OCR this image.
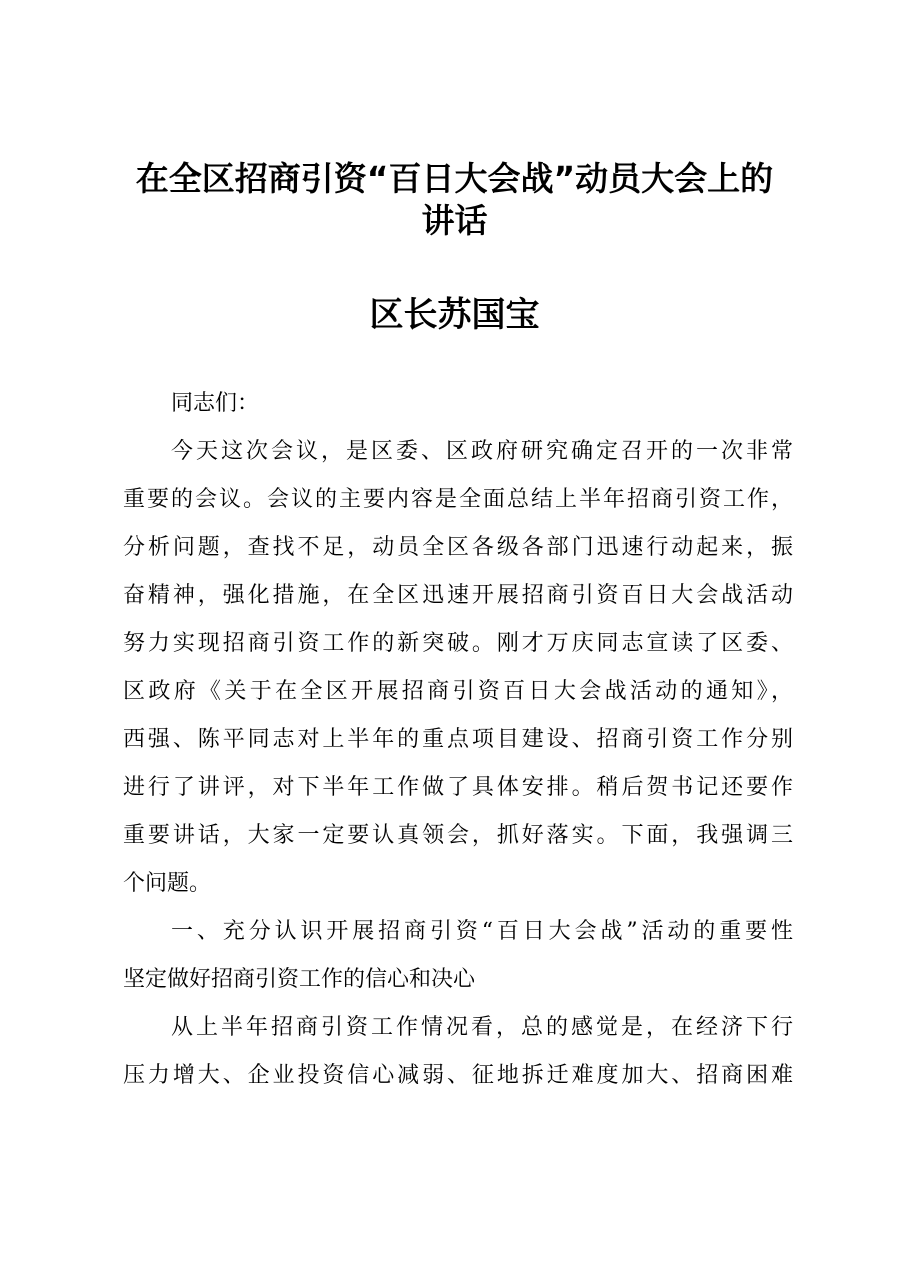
在全区招商引资“百日大会战”动员大会上的
讲话
区长苏国宝
同志们：
今天这次会议，是区委、区政府研究确定召开的一次非常
重要的会议。会议的主要内容是全面总结上半年招商引资工作，
分析问题，查找不足，动员全区各级各部门迅速行动起来，振
奋精神，强化措施，在全区迅速开展招商引资百日大会战活动
努力实现招商引资工作的新突破。刚才万庆同志宣读了区委、
区政府《关于在全区开展招商引资百日大会战活动的通知》，
西强、陈平同志对上半年的重点项目建设、招商引资工作分别
进行了讲评，对下半年工作做了具体安排。稍后贺书记还要作
重要讲话，大家一定要认真领会，抓好落实。下面，我强调三
个问题。
一、充分认识开展招商引资“百日大会战”活动的重要性
坚定做好招商引资工作的信心和决心
从上半年招商引资工作情况看，总的感觉是，在经济下行
压力增大、企业投资信心减弱、征地拆迁难度加大、招商困难
